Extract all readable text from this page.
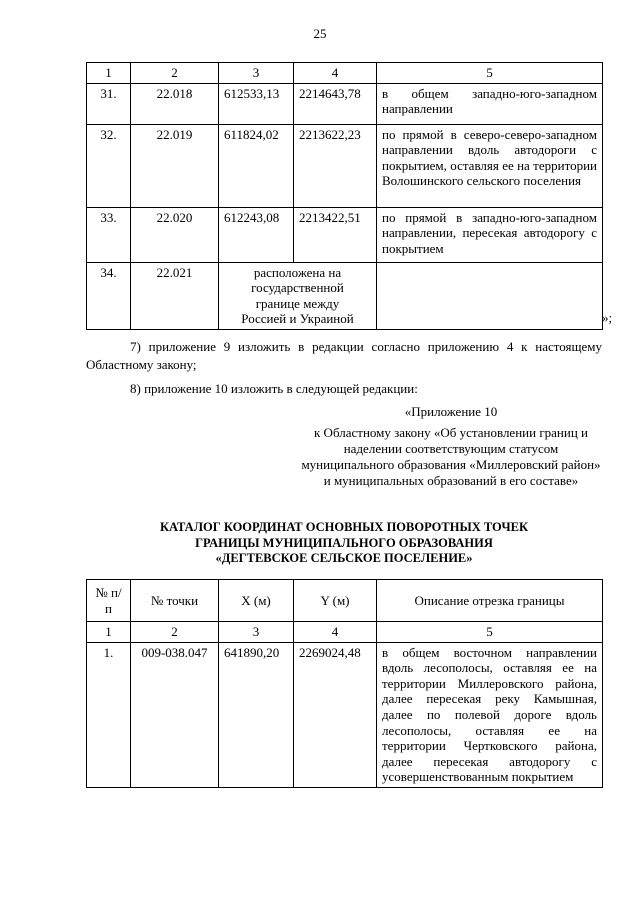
25
1	2	3	4	5
31.	22.018	612533,13	2214643,78	в общем западно-юго-западном направлении
32.	22.019	611824,02	2213622,23	по прямой в северо-северо-западном направлении вдоль автодороги с покрытием, оставляя ее на территории Волошинского сельского поселения
33.	22.020	612243,08	2213422,51	по прямой в западно-юго-западном направлении, пересекая автодорогу с покрытием
34.	22.021	расположена на государственной границе между Россией и Украиной			»;
7) приложение 9 изложить в редакции согласно приложению 4 к настоящему Областному закону;
8) приложение 10 изложить в следующей редакции:
«Приложение 10
к Областному закону «Об установлении границ и наделении соответствующим статусом муниципального образования «Миллеровский район» и муниципальных образований в его составе»
КАТАЛОГ КООРДИНАТ ОСНОВНЫХ ПОВОРОТНЫХ ТОЧЕК
ГРАНИЦЫ МУНИЦИПАЛЬНОГО ОБРАЗОВАНИЯ
«ДЕГТЕВСКОЕ СЕЛЬСКОЕ ПОСЕЛЕНИЕ»
№ п/п	№ точки	X (м)	Y (м)	Описание отрезка границы
1	2	3	4	5
1.	009-038.047	641890,20	2269024,48	в общем восточном направлении вдоль лесополосы, оставляя ее на территории Миллеровского района, далее пересекая реку Камышная, далее по полевой дороге вдоль лесополосы, оставляя ее на территории Чертковского района, далее пересекая автодорогу с усовершенствованным покрытием
